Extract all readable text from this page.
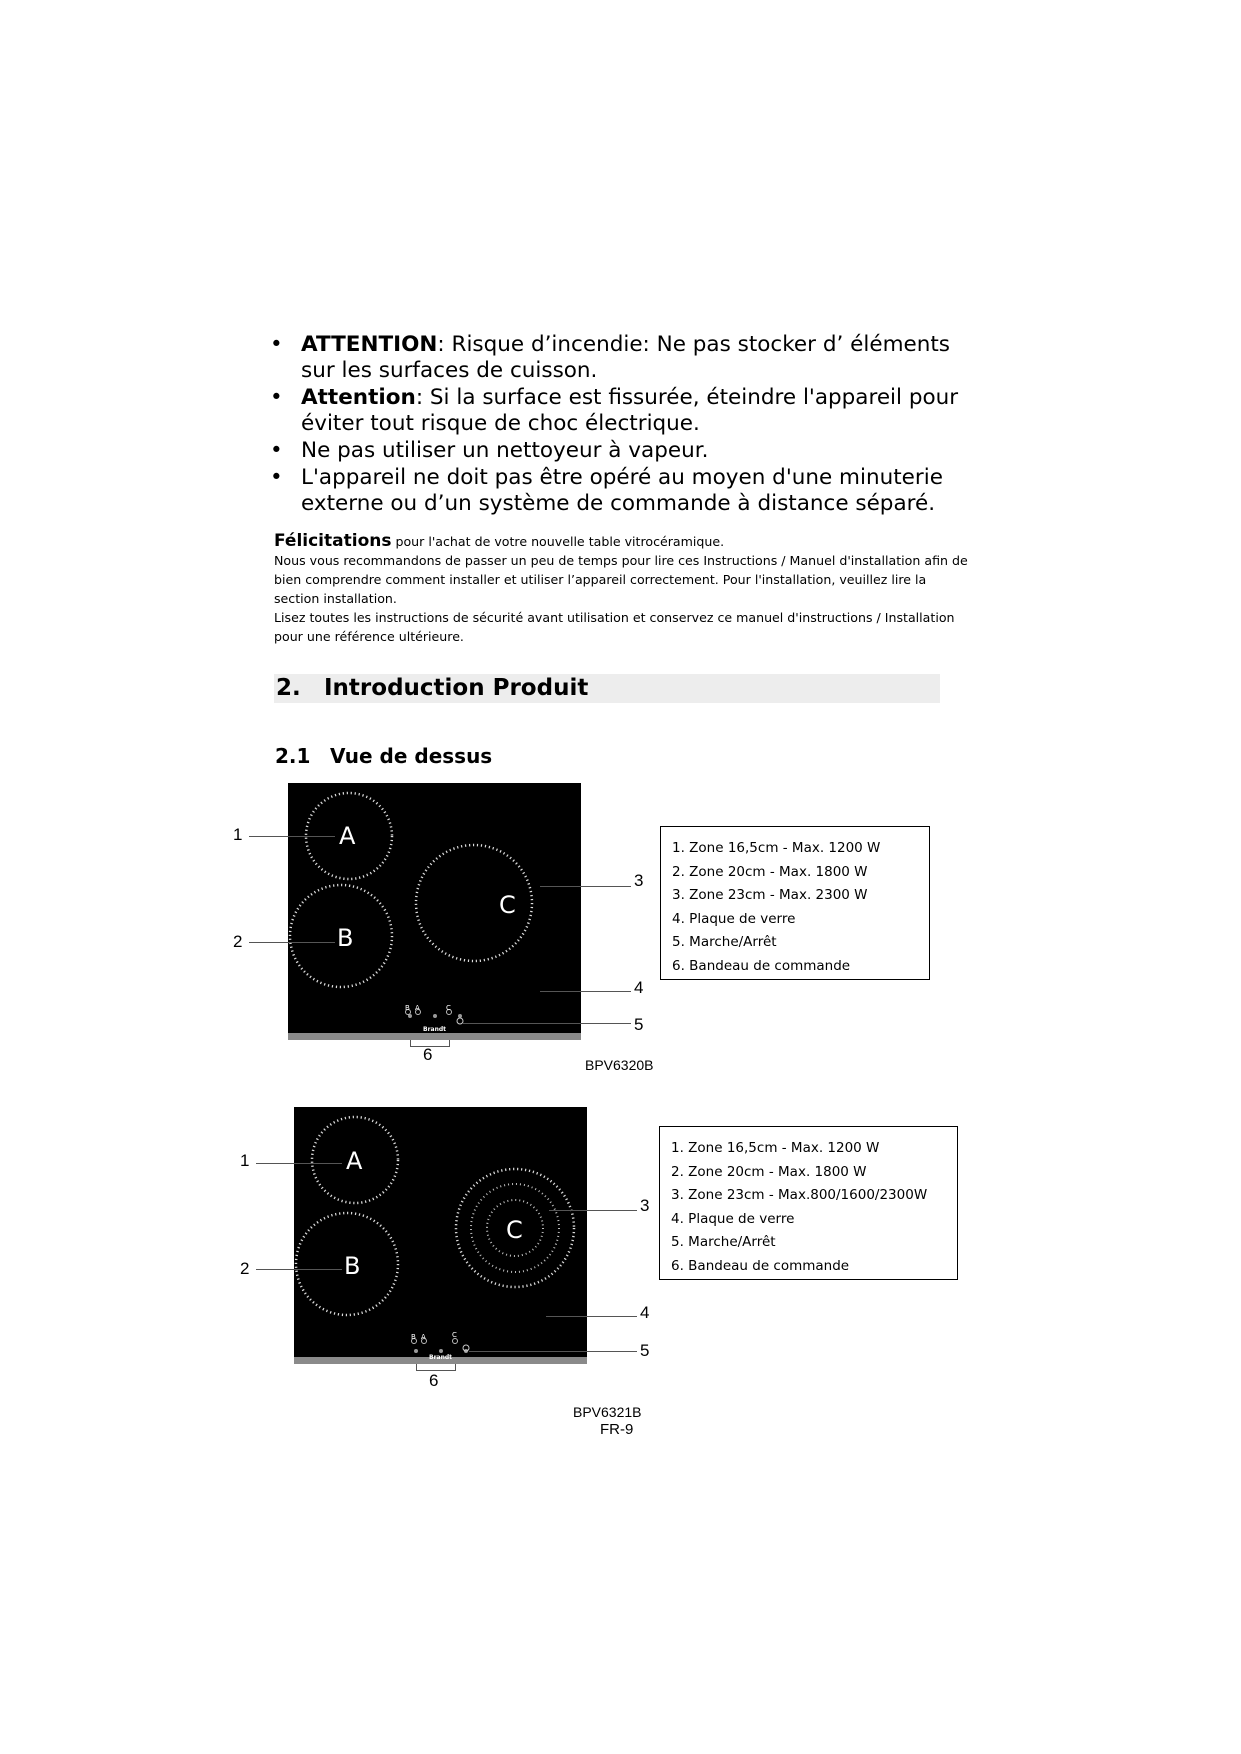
• ATTENTION: Risque d’incendie: Ne pas stocker d’ éléments sur les surfaces de cuisson.
• Attention: Si la surface est fissurée, éteindre l'appareil pour éviter tout risque de choc électrique.
• Ne pas utiliser un nettoyeur à vapeur.
• L'appareil ne doit pas être opéré au moyen d'une minuterie externe ou d’un système de commande à distance séparé.

Félicitations pour l'achat de votre nouvelle table vitrocéramique.

Nous vous recommandons de passer un peu de temps pour lire ces Instructions / Manuel d'installation afin de bien comprendre comment installer et utiliser l’appareil correctement. Pour l'installation, veuillez lire la section installation.

Lisez toutes les instructions de sécurité avant utilisation et conservez ce manuel d'instructions / Installation pour une référence ultérieure.

2. Introduction Produit
2.1 Vue de dessus
A
B
C
B A	C
Brandt
1
2
3
4
5
6
1. Zone 16,5cm - Max. 1200 W
2. Zone 20cm - Max. 1800 W
3. Zone 23cm - Max. 2300 W
4. Plaque de verre
5. Marche/Arrêt
6. Bandeau de commande
BPV6320B
A
B
C
B A	C
Brandt
1
2
3
4
5
6
1. Zone 16,5cm - Max. 1200 W
2. Zone 20cm - Max. 1800 W
3. Zone 23cm - Max.800/1600/2300W
4. Plaque de verre
5. Marche/Arrêt
6. Bandeau de commande
BPV6321B
FR-9
